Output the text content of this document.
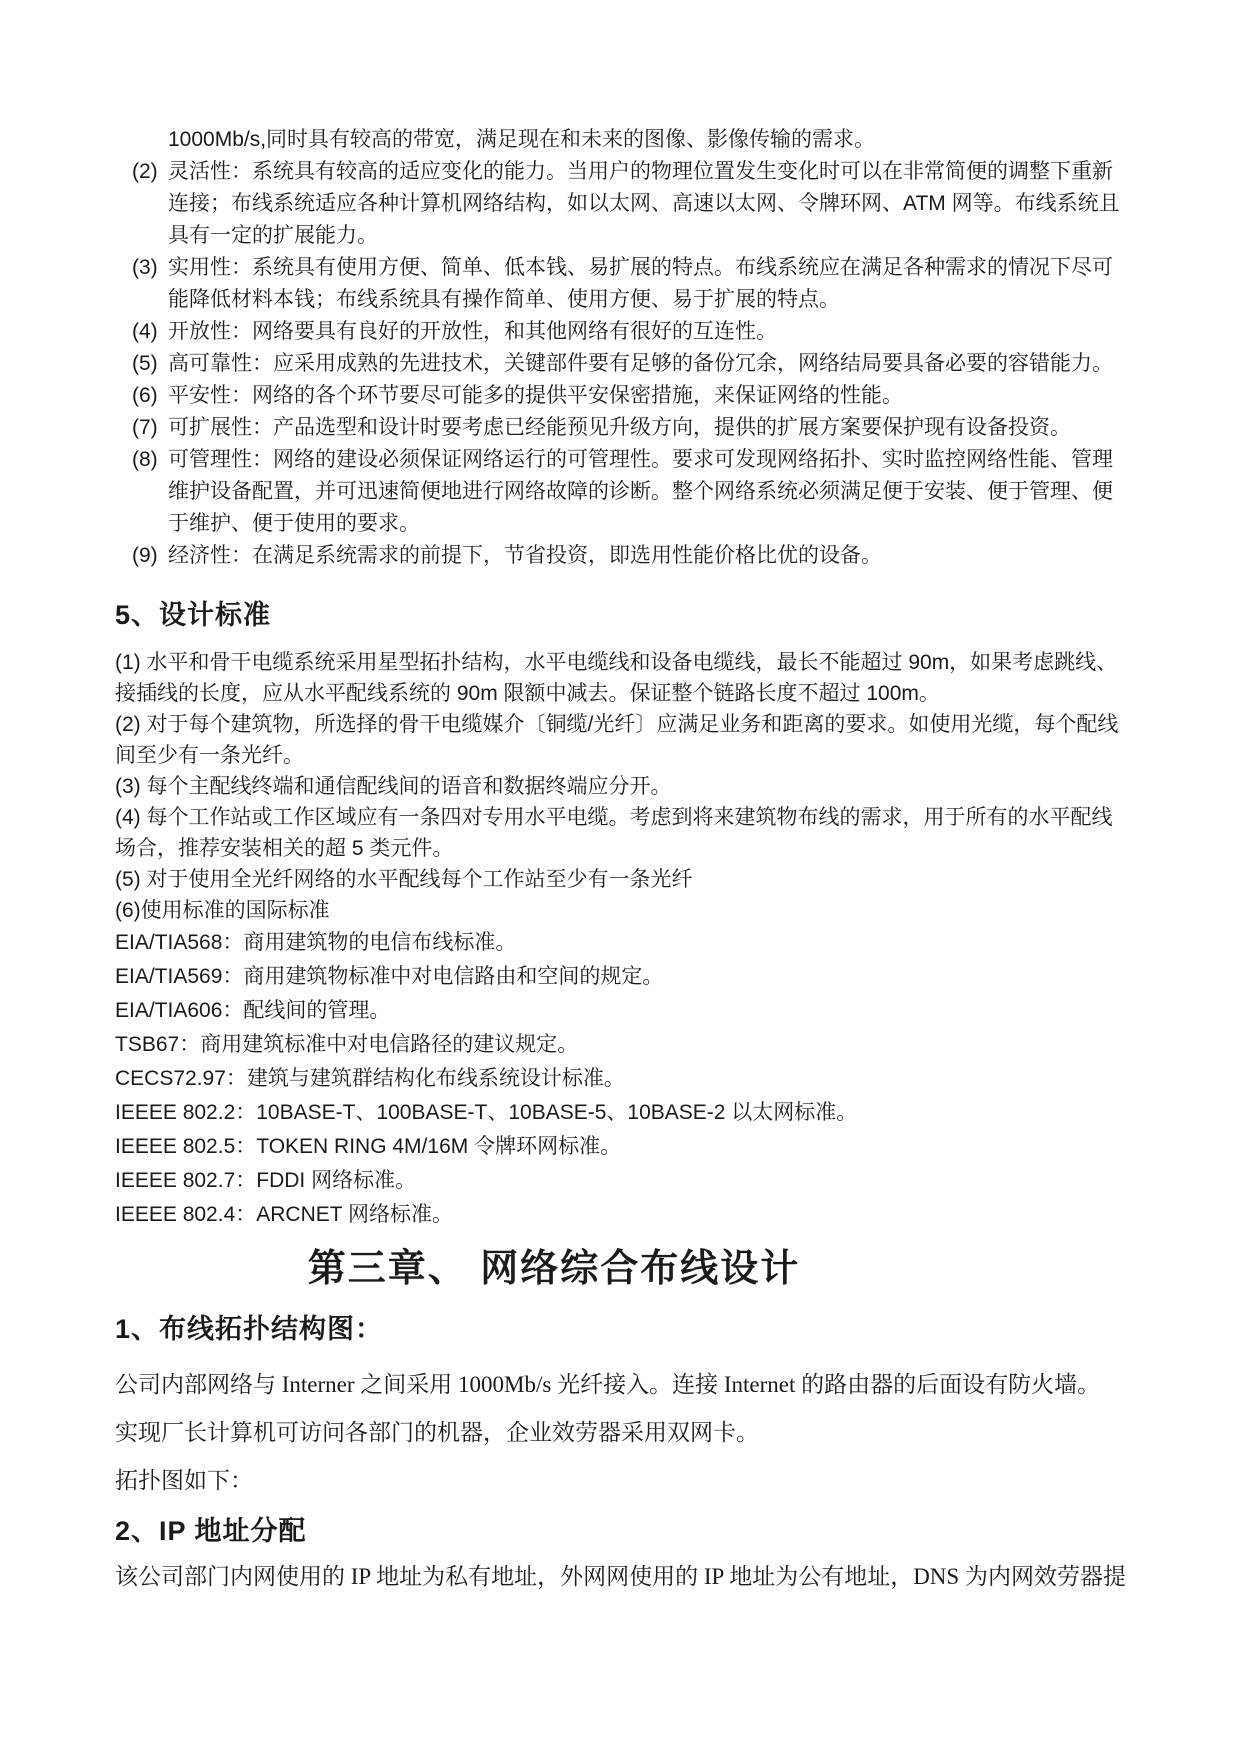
1000Mb/s,同时具有较高的带宽，满足现在和未来的图像、影像传输的需求。

(2) 灵活性：系统具有较高的适应变化的能力。当用户的物理位置发生变化时可以在非常简便的调整下重新连接；布线系统适应各种计算机网络结构，如以太网、高速以太网、令牌环网、ATM 网等。布线系统且具有一定的扩展能力。
(3) 实用性：系统具有使用方便、简单、低本钱、易扩展的特点。布线系统应在满足各种需求的情况下尽可能降低材料本钱；布线系统具有操作简单、使用方便、易于扩展的特点。
(4) 开放性：网络要具有良好的开放性，和其他网络有很好的互连性。
(5) 高可靠性：应采用成熟的先进技术，关键部件要有足够的备份冗余，网络结局要具备必要的容错能力。
(6) 平安性：网络的各个环节要尽可能多的提供平安保密措施，来保证网络的性能。
(7) 可扩展性：产品选型和设计时要考虑已经能预见升级方向，提供的扩展方案要保护现有设备投资。
(8) 可管理性：网络的建设必须保证网络运行的可管理性。要求可发现网络拓扑、实时监控网络性能、管理维护设备配置，并可迅速简便地进行网络故障的诊断。整个网络系统必须满足便于安装、便于管理、便于维护、便于使用的要求。
(9) 经济性：在满足系统需求的前提下，节省投资，即选用性能价格比优的设备。
5、设计标准

(1) 水平和骨干电缆系统采用星型拓扑结构，水平电缆线和设备电缆线，最长不能超过 90m，如果考虑跳线、接插线的长度，应从水平配线系统的 90m 限额中减去。保证整个链路长度不超过 100m。

(2) 对于每个建筑物，所选择的骨干电缆媒介〔铜缆/光纤〕应满足业务和距离的要求。如使用光缆，每个配线间至少有一条光纤。

(3) 每个主配线终端和通信配线间的语音和数据终端应分开。

(4) 每个工作站或工作区域应有一条四对专用水平电缆。考虑到将来建筑物布线的需求，用于所有的水平配线场合，推荐安装相关的超 5 类元件。

(5) 对于使用全光纤网络的水平配线每个工作站至少有一条光纤

(6)使用标准的国际标准

EIA/TIA568：商用建筑物的电信布线标准。

EIA/TIA569：商用建筑物标准中对电信路由和空间的规定。

EIA/TIA606：配线间的管理。

TSB67：商用建筑标准中对电信路径的建议规定。

CECS72.97：建筑与建筑群结构化布线系统设计标准。

IEEEE 802.2：10BASE-T、100BASE-T、10BASE-5、10BASE-2 以太网标准。

IEEEE 802.5：TOKEN RING 4M/16M 令牌环网标准。

IEEEE 802.7：FDDI 网络标准。

IEEEE 802.4：ARCNET 网络标准。

第三章、 网络综合布线设计
1、布线拓扑结构图：

公司内部网络与 Interner 之间采用 1000Mb/s 光纤接入。连接 Internet 的路由器的后面设有防火墙。

实现厂长计算机可访问各部门的机器，企业效劳器采用双网卡。

拓扑图如下：

2、IP 地址分配

该公司部门内网使用的 IP 地址为私有地址，外网网使用的 IP 地址为公有地址，DNS 为内网效劳器提
